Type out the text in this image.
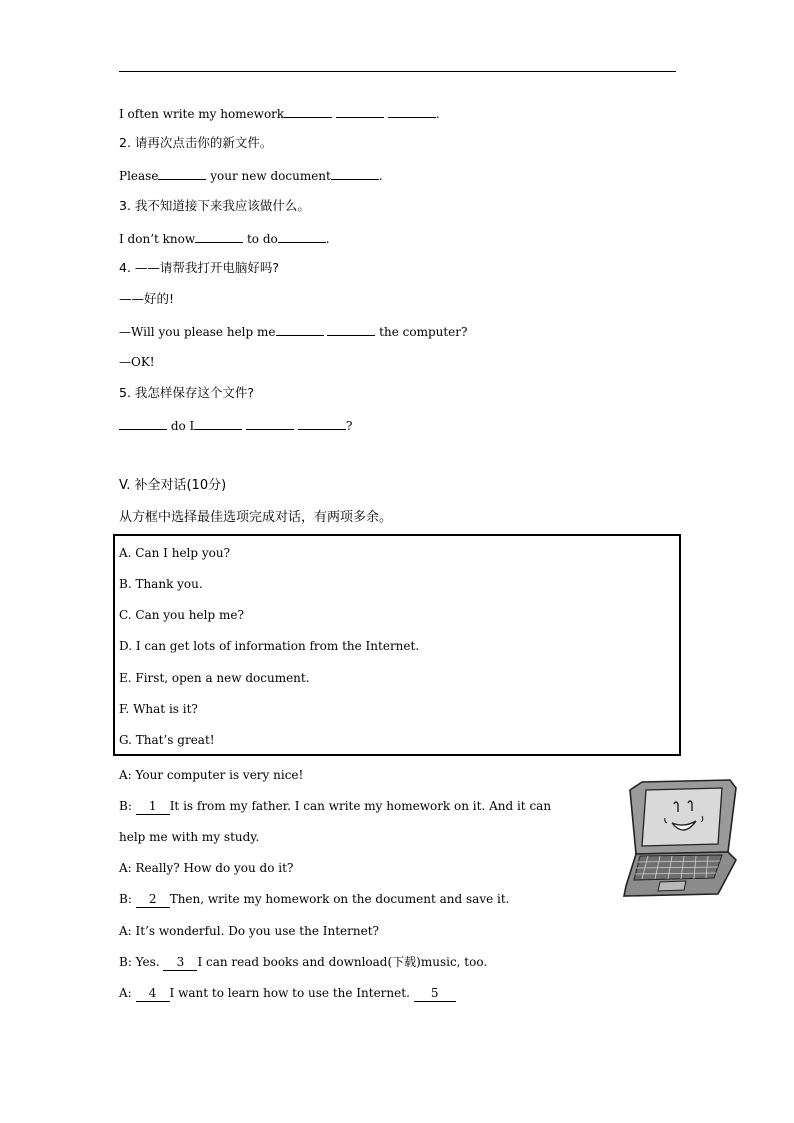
I often write my homework	.
2. 请再次点击你的新文件。
Please	your new document	.
3. 我不知道接下来我应该做什么。
I don’t know	to do	.
4. ——请帮我打开电脑好吗?
——好的!
—Will you please help me	the computer?
—OK!
5. 我怎样保存这个文件?
do I	?
V. 补全对话(10分)
从方框中选择最佳选项完成对话，有两项多余。
A. Can I help you?
B. Thank you.
C. Can you help me?
D. I can get lots of information from the Internet.
E. First, open a new document.
F. What is it?
G. That’s great!
A: Your computer is very nice!
B: 1 It is from my father. I can write my homework on it. And it can
help me with my study.
A: Really? How do you do it?
B: 2 Then, write my homework on the document and save it.
A: It’s wonderful. Do you use the Internet?
B: Yes. 3 I can read books and download(下载)music, too.
A: 4 I want to learn how to use the Internet. 5
